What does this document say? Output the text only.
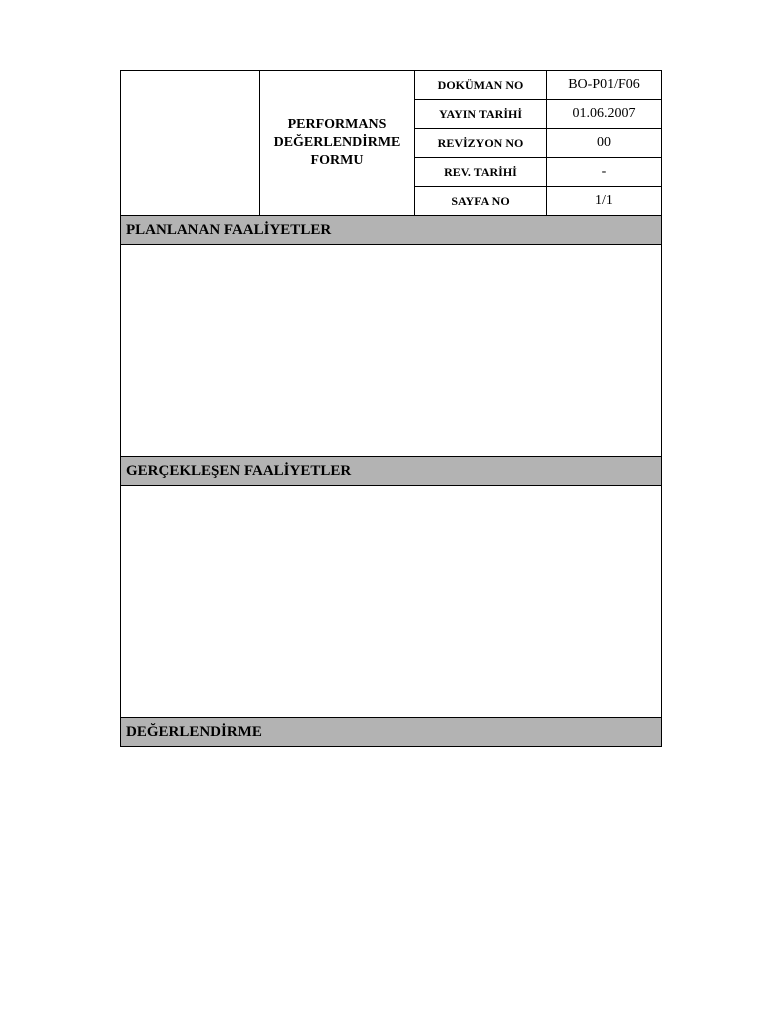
	PERFORMANS
DEĞERLENDİRME
FORMU	DOKÜMAN NO	BO-P01/F06
		YAYIN TARİHİ	01.06.2007
		REVİZYON NO	00
		REV. TARİHİ	-
		SAYFA NO	1/1
PLANLANAN FAALİYETLER			

GERÇEKLEŞEN FAALİYETLER			

DEĞERLENDİRME			
